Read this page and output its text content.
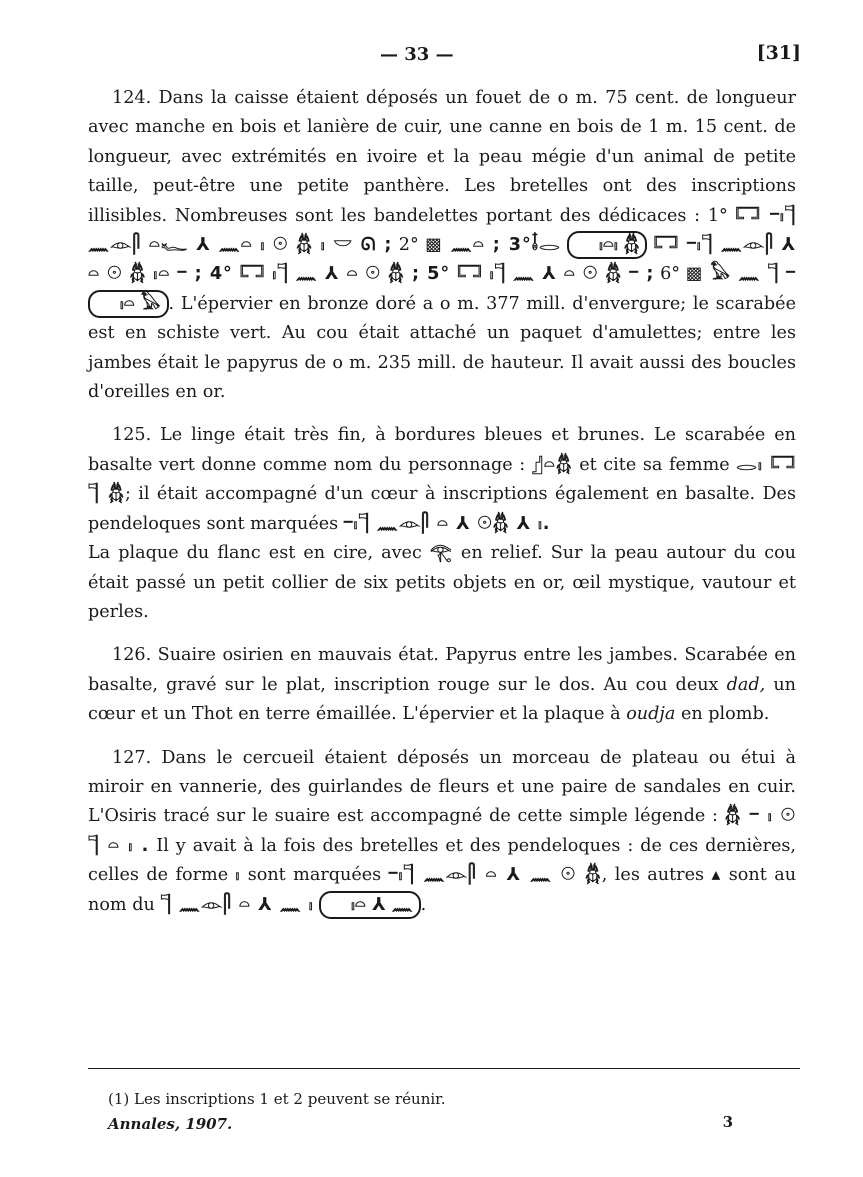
— 33 —	[31]

124. Dans la caisse étaient déposés un fouet de o m. 75 cent. de longueur avec manche en bois et lanière de cuir, une canne en bois de 1 m. 15 cent. de longueur, avec extrémités en ivoire et la peau mégie d'un animal de petite taille, peut-être une petite panthère. Les bretelles ont des inscriptions illisibles. Nombreuses sont les bandelettes portant des dédicaces : 1° 𓉐 ⲻ𓏤𓊹 𓈖𓁹𓋴 𓏏𓆑 ⅄ 𓈖𓏏 𓏤 𓇳 𓆣 𓏤 𓎟 ᘏ ; 2° ▩ 𓈖𓏏 ; 3°𓄤𓂋 𓏤𓏏𓏤 𓆣 𓉐 ⲻ𓏤𓊹 𓈖𓁹𓋴 ⅄ 𓏏 𓇳 𓆣 𓏤𓏏 ⲻ ; 4° 𓉐 𓏤𓊹 𓈖 ⅄ 𓏏 𓇳 𓆣 ; 5° 𓉐 𓏤𓊹 𓈖 ⅄ 𓏏 𓇳 𓆣 ⲻ ; 6° ▩ 𓅃 𓈖 𓊹 ⲻ 𓏤𓏏 𓅃 . L'épervier en bronze doré a o m. 377 mill. d'envergure; le scarabée est en schiste vert. Au cou était attaché un paquet d'amulettes; entre les jambes était le papyrus de o m. 235 mill. de hauteur. Il avait aussi des boucles d'oreilles en or.

125. Le linge était très fin, à bordures bleues et brunes. Le scarabée en basalte vert donne comme nom du personnage : 𓊨𓏏𓆣 et cite sa femme 𓂋𓏤 𓉐 𓊹 𓆣; il était accompagné d'un cœur à inscriptions également en basalte. Des pendeloques sont marquées ⲻ𓏤𓊹 𓈖𓁹𓋴 𓏏 ⅄ 𓇳𓆣 ⅄ 𓏤.
La plaque du flanc est en cire, avec 𓂀 en relief. Sur la peau autour du cou était passé un petit collier de six petits objets en or, œil mystique, vautour et perles.

126. Suaire osirien en mauvais état. Papyrus entre les jambes. Scarabée en basalte, gravé sur le plat, inscription rouge sur le dos. Au cou deux dad, un cœur et un Thot en terre émaillée. L'épervier et la plaque à oudja en plomb.

127. Dans le cercueil étaient déposés un morceau de plateau ou étui à miroir en vannerie, des guirlandes de fleurs et une paire de sandales en cuir. L'Osiris tracé sur le suaire est accompagné de cette simple légende : 𓆣 ⲻ 𓏤 𓇳 𓊹 𓏏 𓏤 . Il y avait à la fois des bretelles et des pendeloques : de ces dernières, celles de forme 𓏤 sont marquées ⲻ𓏤𓊹 𓈖𓁹𓋴 𓏏 ⅄ 𓈖 𓇳 𓆣, les autres ▴ sont au nom du 𓊹 𓈖𓁹𓋴 𓏏 ⅄ 𓈖 𓏤 𓏤𓏏 ⅄ 𓈖 .

(1) Les inscriptions 1 et 2 peuvent se réunir.
Annales, 1907.	3
